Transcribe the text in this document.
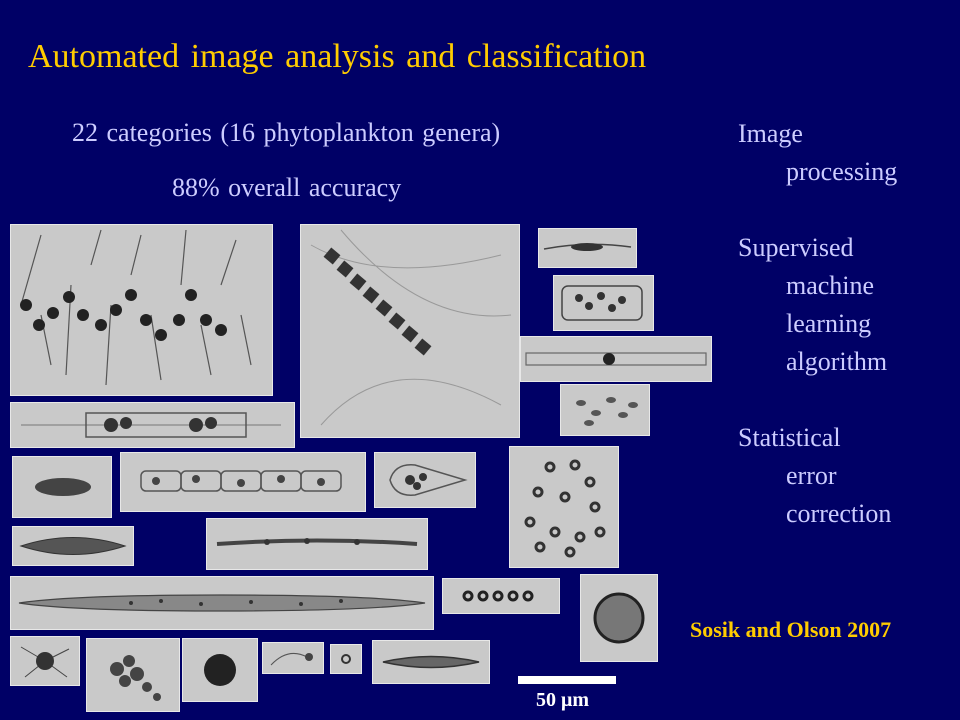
Automated image analysis and classification
22 categories (16 phytoplankton genera)
88% overall accuracy

Image

processing

Supervised

machine

learning

algorithm

Statistical

error

correction

Sosik and Olson 2007
50 μm
